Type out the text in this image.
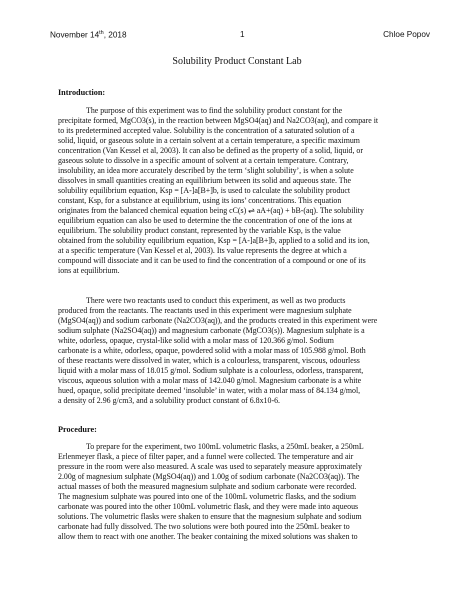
November 14th, 2018	1	Chloe Popov
Solubility Product Constant Lab
Introduction:
The purpose of this experiment was to find the solubility product constant for the
precipitate formed, MgCO3(s), in the reaction between MgSO4(aq) and Na2CO3(aq), and compare it
to its predetermined accepted value. Solubility is the concentration of a saturated solution of a
solid, liquid, or gaseous solute in a certain solvent at a certain temperature, a specific maximum
concentration (Van Kessel et al, 2003). It can also be defined as the property of a solid, liquid, or
gaseous solute to dissolve in a specific amount of solvent at a certain temperature. Contrary,
insolubility, an idea more accurately described by the term ‘slight solubility’, is when a solute
dissolves in small quantities creating an equilibrium between its solid and aqueous state. The
solubility equilibrium equation, Ksp = [A-]a[B+]b, is used to calculate the solubility product
constant, Ksp, for a substance at equilibrium, using its ions’ concentrations. This equation
originates from the balanced chemical equation being cC(s) ⇌ aA+(aq) + bB-(aq). The solubility
equilibrium equation can also be used to determine the the concentration of one of the ions at
equilibrium. The solubility product constant, represented by the variable Ksp, is the value
obtained from the solubility equilibrium equation, Ksp = [A-]a[B+]b, applied to a solid and its ion,
at a specific temperature (Van Kessel et al, 2003). Its value represents the degree at which a
compound will dissociate and it can be used to find the concentration of a compound or one of its
ions at equilibrium.
There were two reactants used to conduct this experiment, as well as two products
produced from the reactants. The reactants used in this experiment were magnesium sulphate
(MgSO4(aq)) and sodium carbonate (Na2CO3(aq)), and the products created in this experiment were
sodium sulphate (Na2SO4(aq)) and magnesium carbonate (MgCO3(s)). Magnesium sulphate is a
white, odorless, opaque, crystal-like solid with a molar mass of 120.366 g/mol. Sodium
carbonate is a white, odorless, opaque, powdered solid with a molar mass of 105.988 g/mol. Both
of these reactants were dissolved in water, which is a colourless, transparent, viscous, odourless
liquid with a molar mass of 18.015 g/mol. Sodium sulphate is a colourless, odorless, transparent,
viscous, aqueous solution with a molar mass of 142.040 g/mol. Magnesium carbonate is a white
hued, opaque, solid precipitate deemed ‘insoluble’ in water, with a molar mass of 84.134 g/mol,
a density of 2.96 g/cm3, and a solubility product constant of 6.8x10-6.
Procedure:
To prepare for the experiment, two 100mL volumetric flasks, a 250mL beaker, a 250mL
Erlenmeyer flask, a piece of filter paper, and a funnel were collected. The temperature and air
pressure in the room were also measured. A scale was used to separately measure approximately
2.00g of magnesium sulphate (MgSO4(aq)) and 1.00g of sodium carbonate (Na2CO3(aq)). The
actual masses of both the measured magnesium sulphate and sodium carbonate were recorded.
The magnesium sulphate was poured into one of the 100mL volumetric flasks, and the sodium
carbonate was poured into the other 100mL volumetric flask, and they were made into aqueous
solutions. The volumetric flasks were shaken to ensure that the magnesium sulphate and sodium
carbonate had fully dissolved. The two solutions were both poured into the 250mL beaker to
allow them to react with one another. The beaker containing the mixed solutions was shaken to
